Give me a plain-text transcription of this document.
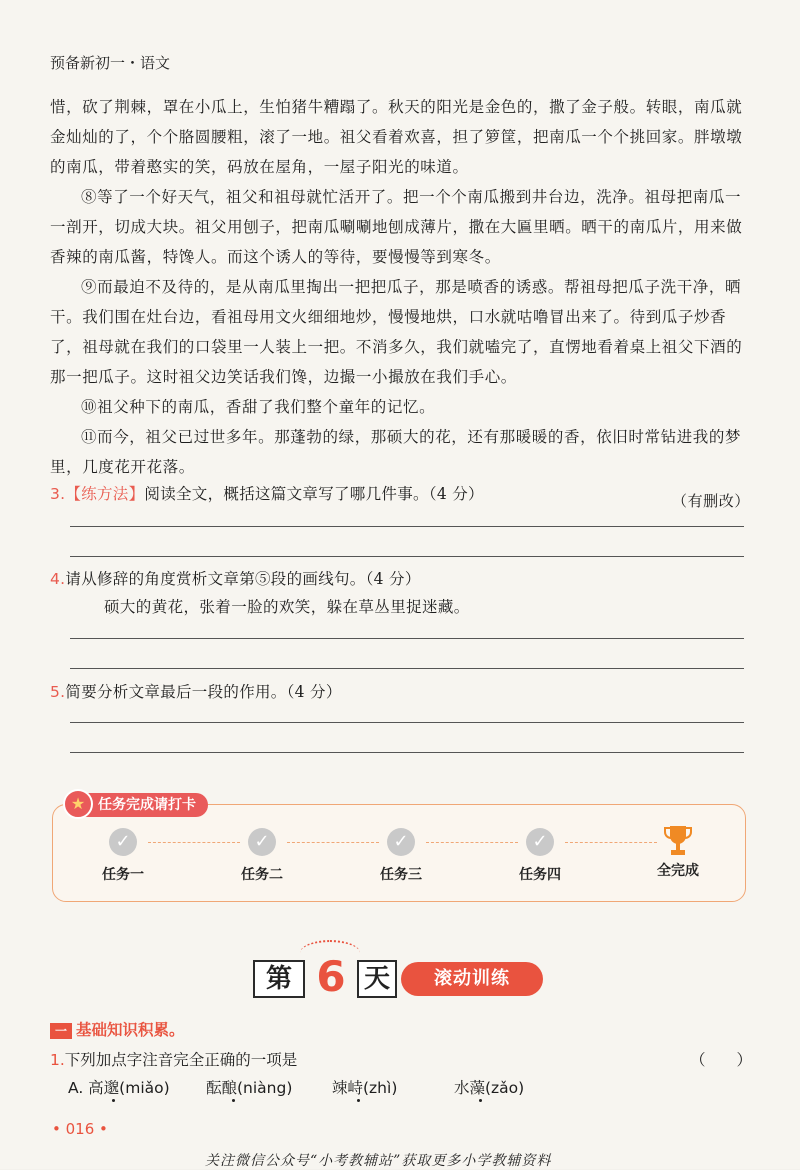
预备新初一・语文

惜，砍了荆棘，罩在小瓜上，生怕猪牛糟蹋了。秋天的阳光是金色的，撒了金子般。转眼，南瓜就金灿灿的了，个个胳圆腰粗，滚了一地。祖父看着欢喜，担了箩筐，把南瓜一个个挑回家。胖墩墩的南瓜，带着憨实的笑，码放在屋角，一屋子阳光的味道。

⑧等了一个好天气，祖父和祖母就忙活开了。把一个个南瓜搬到井台边，洗净。祖母把南瓜一一剖开，切成大块。祖父用刨子，把南瓜唰唰地刨成薄片，撒在大匾里晒。晒干的南瓜片，用来做香辣的南瓜酱，特馋人。而这个诱人的等待，要慢慢等到寒冬。

⑨而最迫不及待的，是从南瓜里掏出一把把瓜子，那是喷香的诱惑。帮祖母把瓜子洗干净，晒干。我们围在灶台边，看祖母用文火细细地炒，慢慢地烘，口水就咕噜冒出来了。待到瓜子炒香了，祖母就在我们的口袋里一人装上一把。不消多久，我们就嗑完了，直愣地看着桌上祖父下酒的那一把瓜子。这时祖父边笑话我们馋，边撮一小撮放在我们手心。

⑩祖父种下的南瓜，香甜了我们整个童年的记忆。

⑪而今，祖父已过世多年。那蓬勃的绿，那硕大的花，还有那暖暖的香，依旧时常钻进我的梦里，几度花开花落。

（有删改）
3.【练方法】阅读全文，概括这篇文章写了哪几件事。（4 分）
4.请从修辞的角度赏析文章第⑤段的画线句。（4 分）
硕大的黄花，张着一脸的欢笑，躲在草丛里捉迷藏。
5.简要分析文章最后一段的作用。（4 分）
任务完成请打卡
★
✓
任务一
✓
任务二
✓
任务三
✓
任务四	全完成
第 6 天	滚动训练
一 基础知识积累。
1.下列加点字注音完全正确的一项是	（　　）
A. 高邈(miǎo) 酝酿(niàng)	竦峙(zhì)	水藻(zǎo)
• 016 •
关注微信公众号“小考教辅站”获取更多小学教辅资料
